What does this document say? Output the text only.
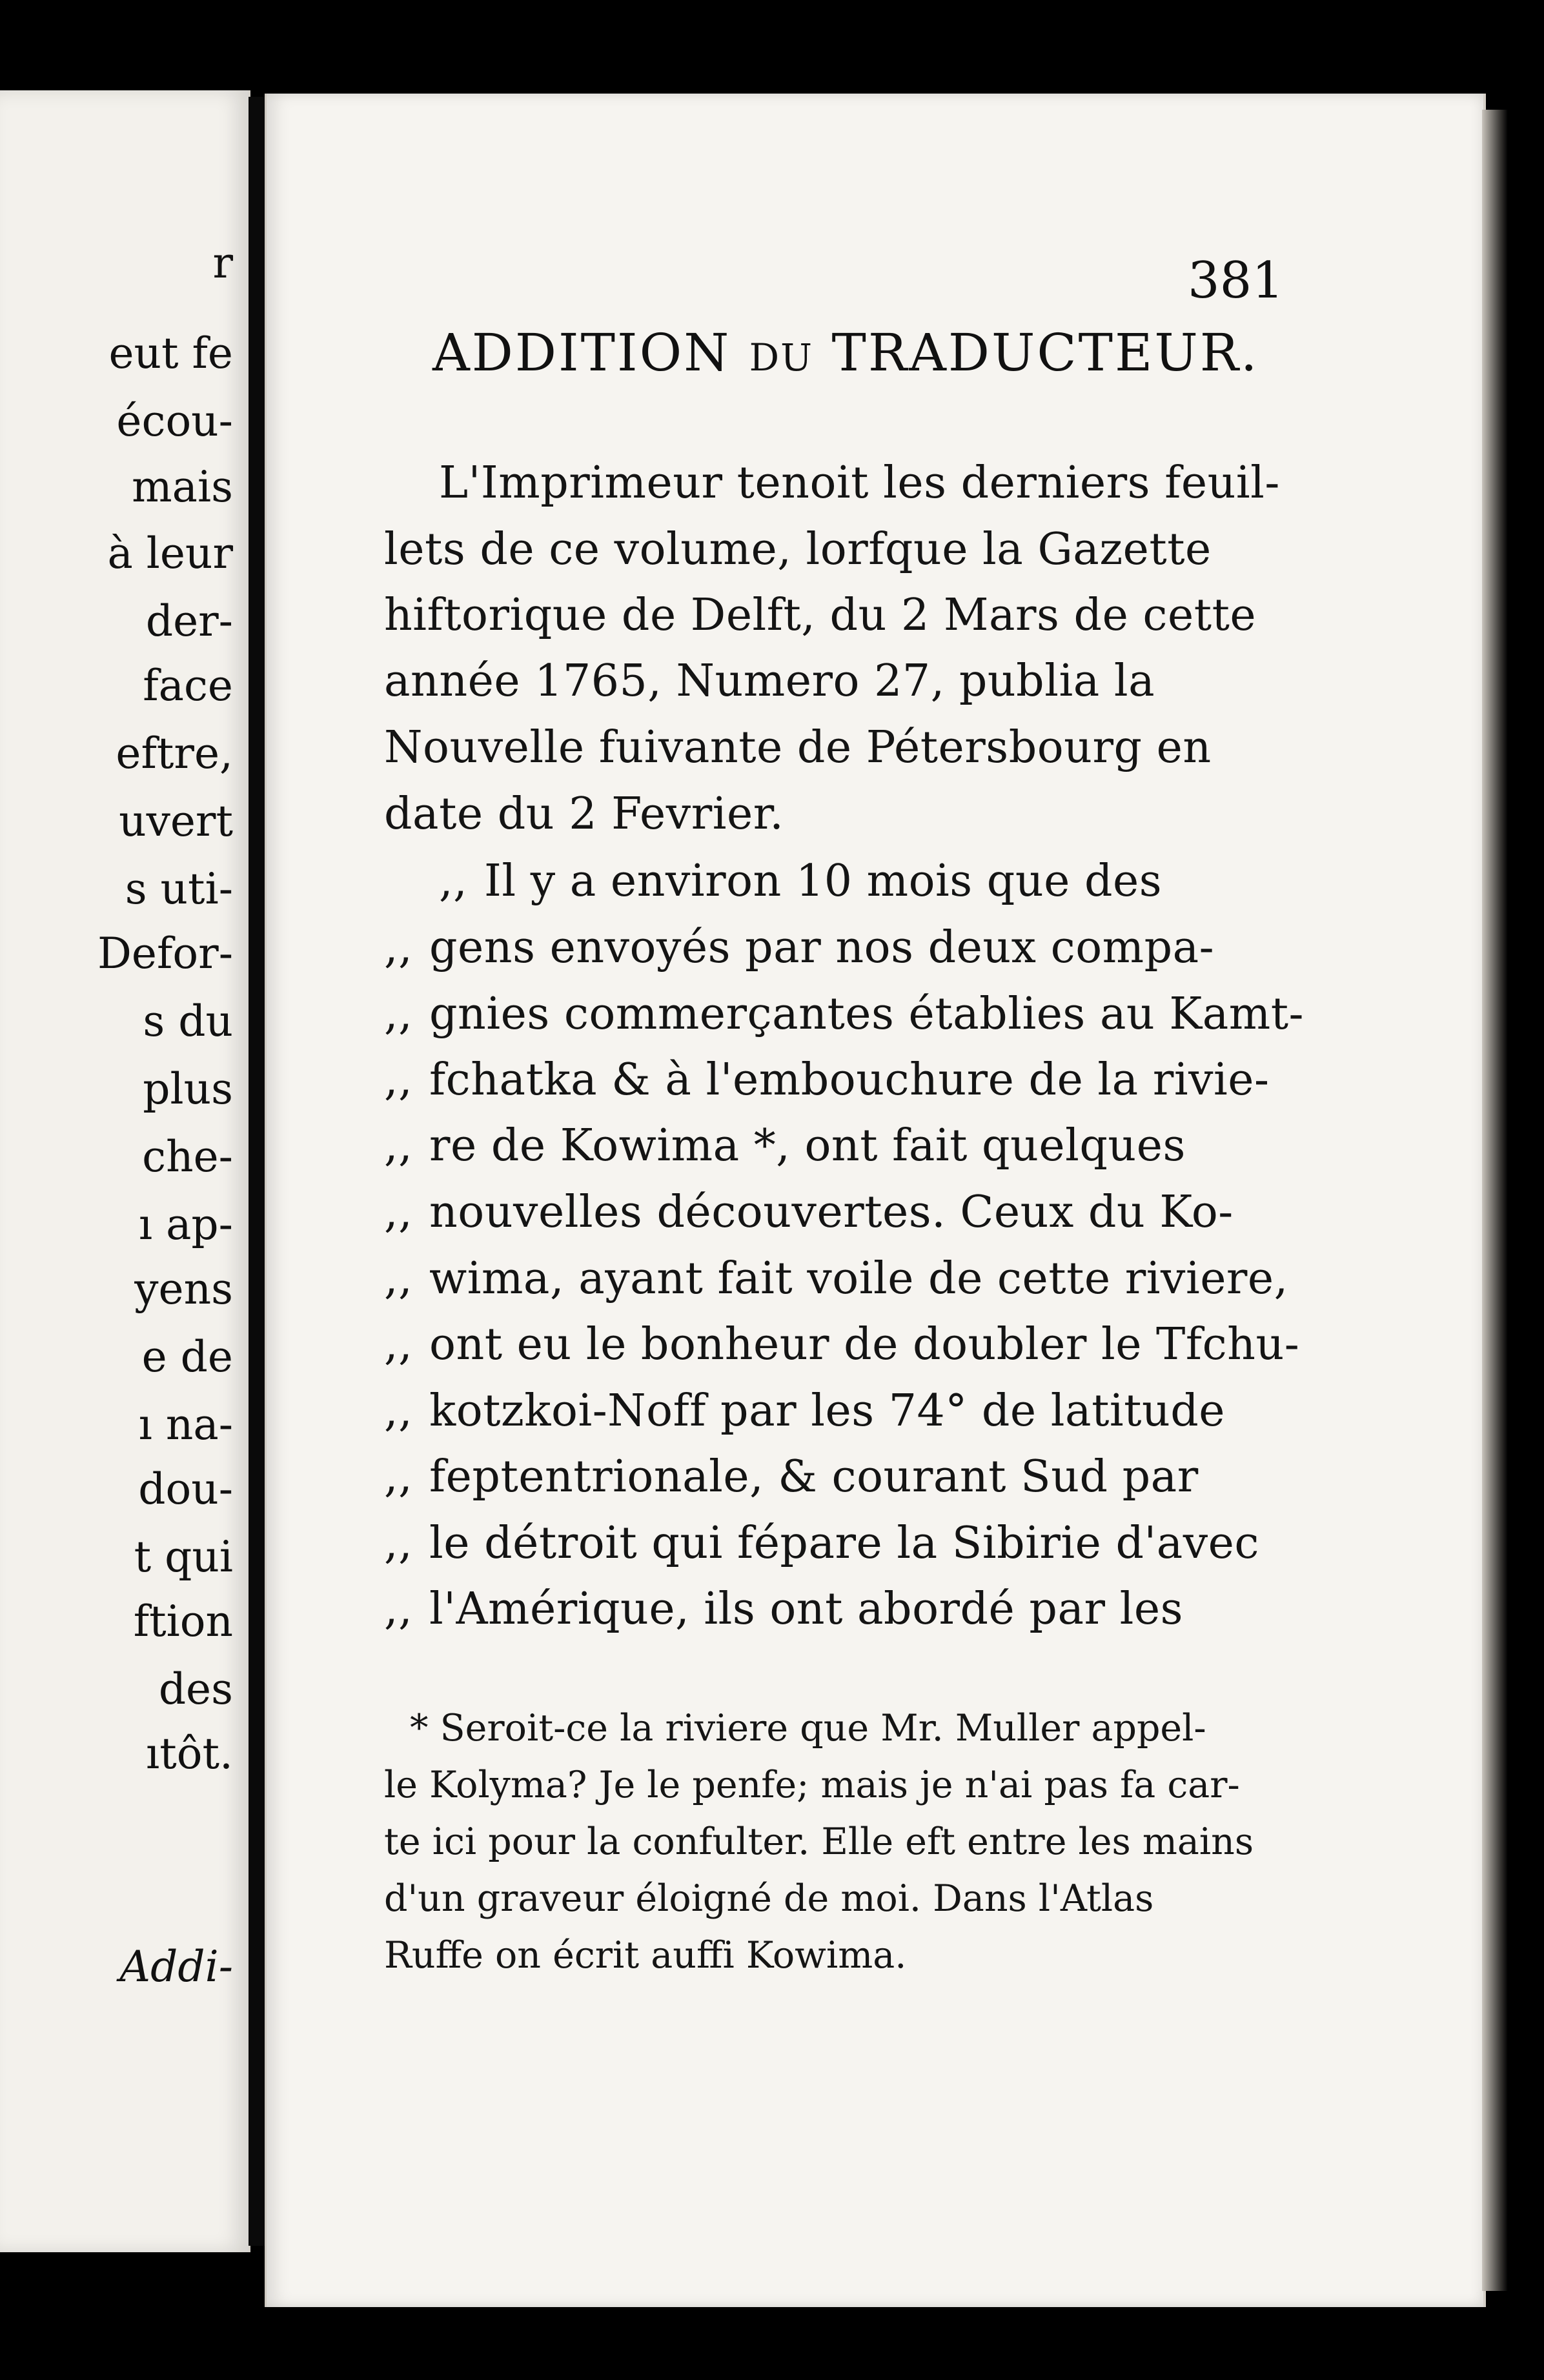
r
eut fe
écou-
mais
à leur
der-
face
eftre,
uvert
s uti-
Defor-
s du
plus
che-
ı ap-
yens
e de
ı na-
dou-
t qui
ftion
des
ıtôt.
Addi-
381
ADDITION DU TRADUCTEUR.
L'Imprimeur tenoit les derniers feuil-
lets de ce volume, lorfque la Gazette
hiftorique de Delft, du 2 Mars de cette
année 1765, Numero 27, publia la
Nouvelle fuivante de Pétersbourg en
date du 2 Fevrier.
,, Il y a environ 10 mois que des
,, gens envoyés par nos deux compa-
,, gnies commerçantes établies au Kamt-
,, fchatka & à l'embouchure de la rivie-
,, re de Kowima *, ont fait quelques
,, nouvelles découvertes. Ceux du Ko-
,, wima, ayant fait voile de cette riviere,
,, ont eu le bonheur de doubler le Tfchu-
,, kotzkoi-Noff par les 74° de latitude
,, feptentrionale, & courant Sud par
,, le détroit qui fépare la Sibirie d'avec
,, l'Amérique, ils ont abordé par les
* Seroit-ce la riviere que Mr. Muller appel-
le Kolyma? Je le penfe; mais je n'ai pas fa car-
te ici pour la confulter. Elle eft entre les mains
d'un graveur éloigné de moi. Dans l'Atlas
Ruffe on écrit auffi Kowima.
